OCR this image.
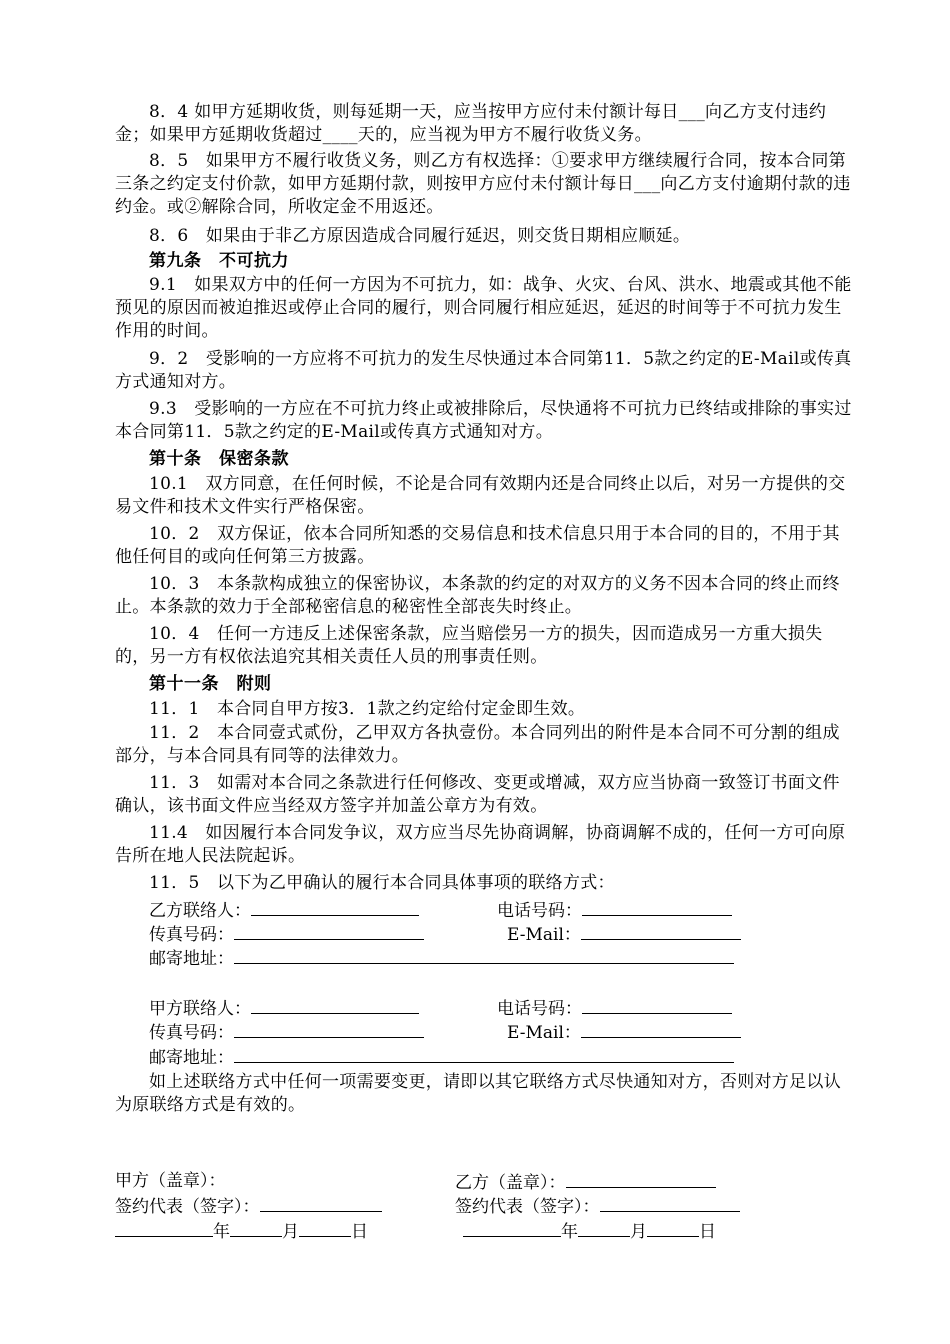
8．4 如甲方延期收货，则每延期一天，应当按甲方应付未付额计每日___向乙方支付违约金；如果甲方延期收货超过____天的，应当视为甲方不履行收货义务。
8．5　如果甲方不履行收货义务，则乙方有权选择：①要求甲方继续履行合同，按本合同第三条之约定支付价款，如甲方延期付款，则按甲方应付未付额计每日___向乙方支付逾期付款的违约金。或②解除合同，所收定金不用返还。
8．6　如果由于非乙方原因造成合同履行延迟，则交货日期相应顺延。
第九条　不可抗力
9.1　如果双方中的任何一方因为不可抗力，如：战争、火灾、台风、洪水、地震或其他不能预见的原因而被迫推迟或停止合同的履行，则合同履行相应延迟，延迟的时间等于不可抗力发生作用的时间。
9．2　受影响的一方应将不可抗力的发生尽快通过本合同第11．5款之约定的E-Mail或传真方式通知对方。
9.3　受影响的一方应在不可抗力终止或被排除后，尽快通将不可抗力已终结或排除的事实过本合同第11．5款之约定的E-Mail或传真方式通知对方。
第十条　保密条款
10.1　双方同意，在任何时候，不论是合同有效期内还是合同终止以后，对另一方提供的交易文件和技术文件实行严格保密。
10．2　双方保证，依本合同所知悉的交易信息和技术信息只用于本合同的目的，不用于其他任何目的或向任何第三方披露。
10．3　本条款构成独立的保密协议，本条款的约定的对双方的义务不因本合同的终止而终止。本条款的效力于全部秘密信息的秘密性全部丧失时终止。
10．4　任何一方违反上述保密条款，应当赔偿另一方的损失，因而造成另一方重大损失的，另一方有权依法追究其相关责任人员的刑事责任则。
第十一条　附则
11．1　本合同自甲方按3．1款之约定给付定金即生效。
11．2　本合同壹式贰份，乙甲双方各执壹份。本合同列出的附件是本合同不可分割的组成部分，与本合同具有同等的法律效力。
11．3　如需对本合同之条款进行任何修改、变更或增减，双方应当协商一致签订书面文件确认，该书面文件应当经双方签字并加盖公章方为有效。
11.4　如因履行本合同发争议，双方应当尽先协商调解，协商调解不成的，任何一方可向原告所在地人民法院起诉。
11．5　以下为乙甲确认的履行本合同具体事项的联络方式：
乙方联络人：	电话号码：
传真号码：	E-Mail：
邮寄地址：
甲方联络人：	电话号码：
传真号码：	E-Mail：
邮寄地址：
如上述联络方式中任何一项需要变更，请即以其它联络方式尽快通知对方，否则对方足以认为原联络方式是有效的。
甲方（盖章）：	乙方（盖章）：
签约代表（签字）：	签约代表（签字）：
年	月	日	年	月	日
